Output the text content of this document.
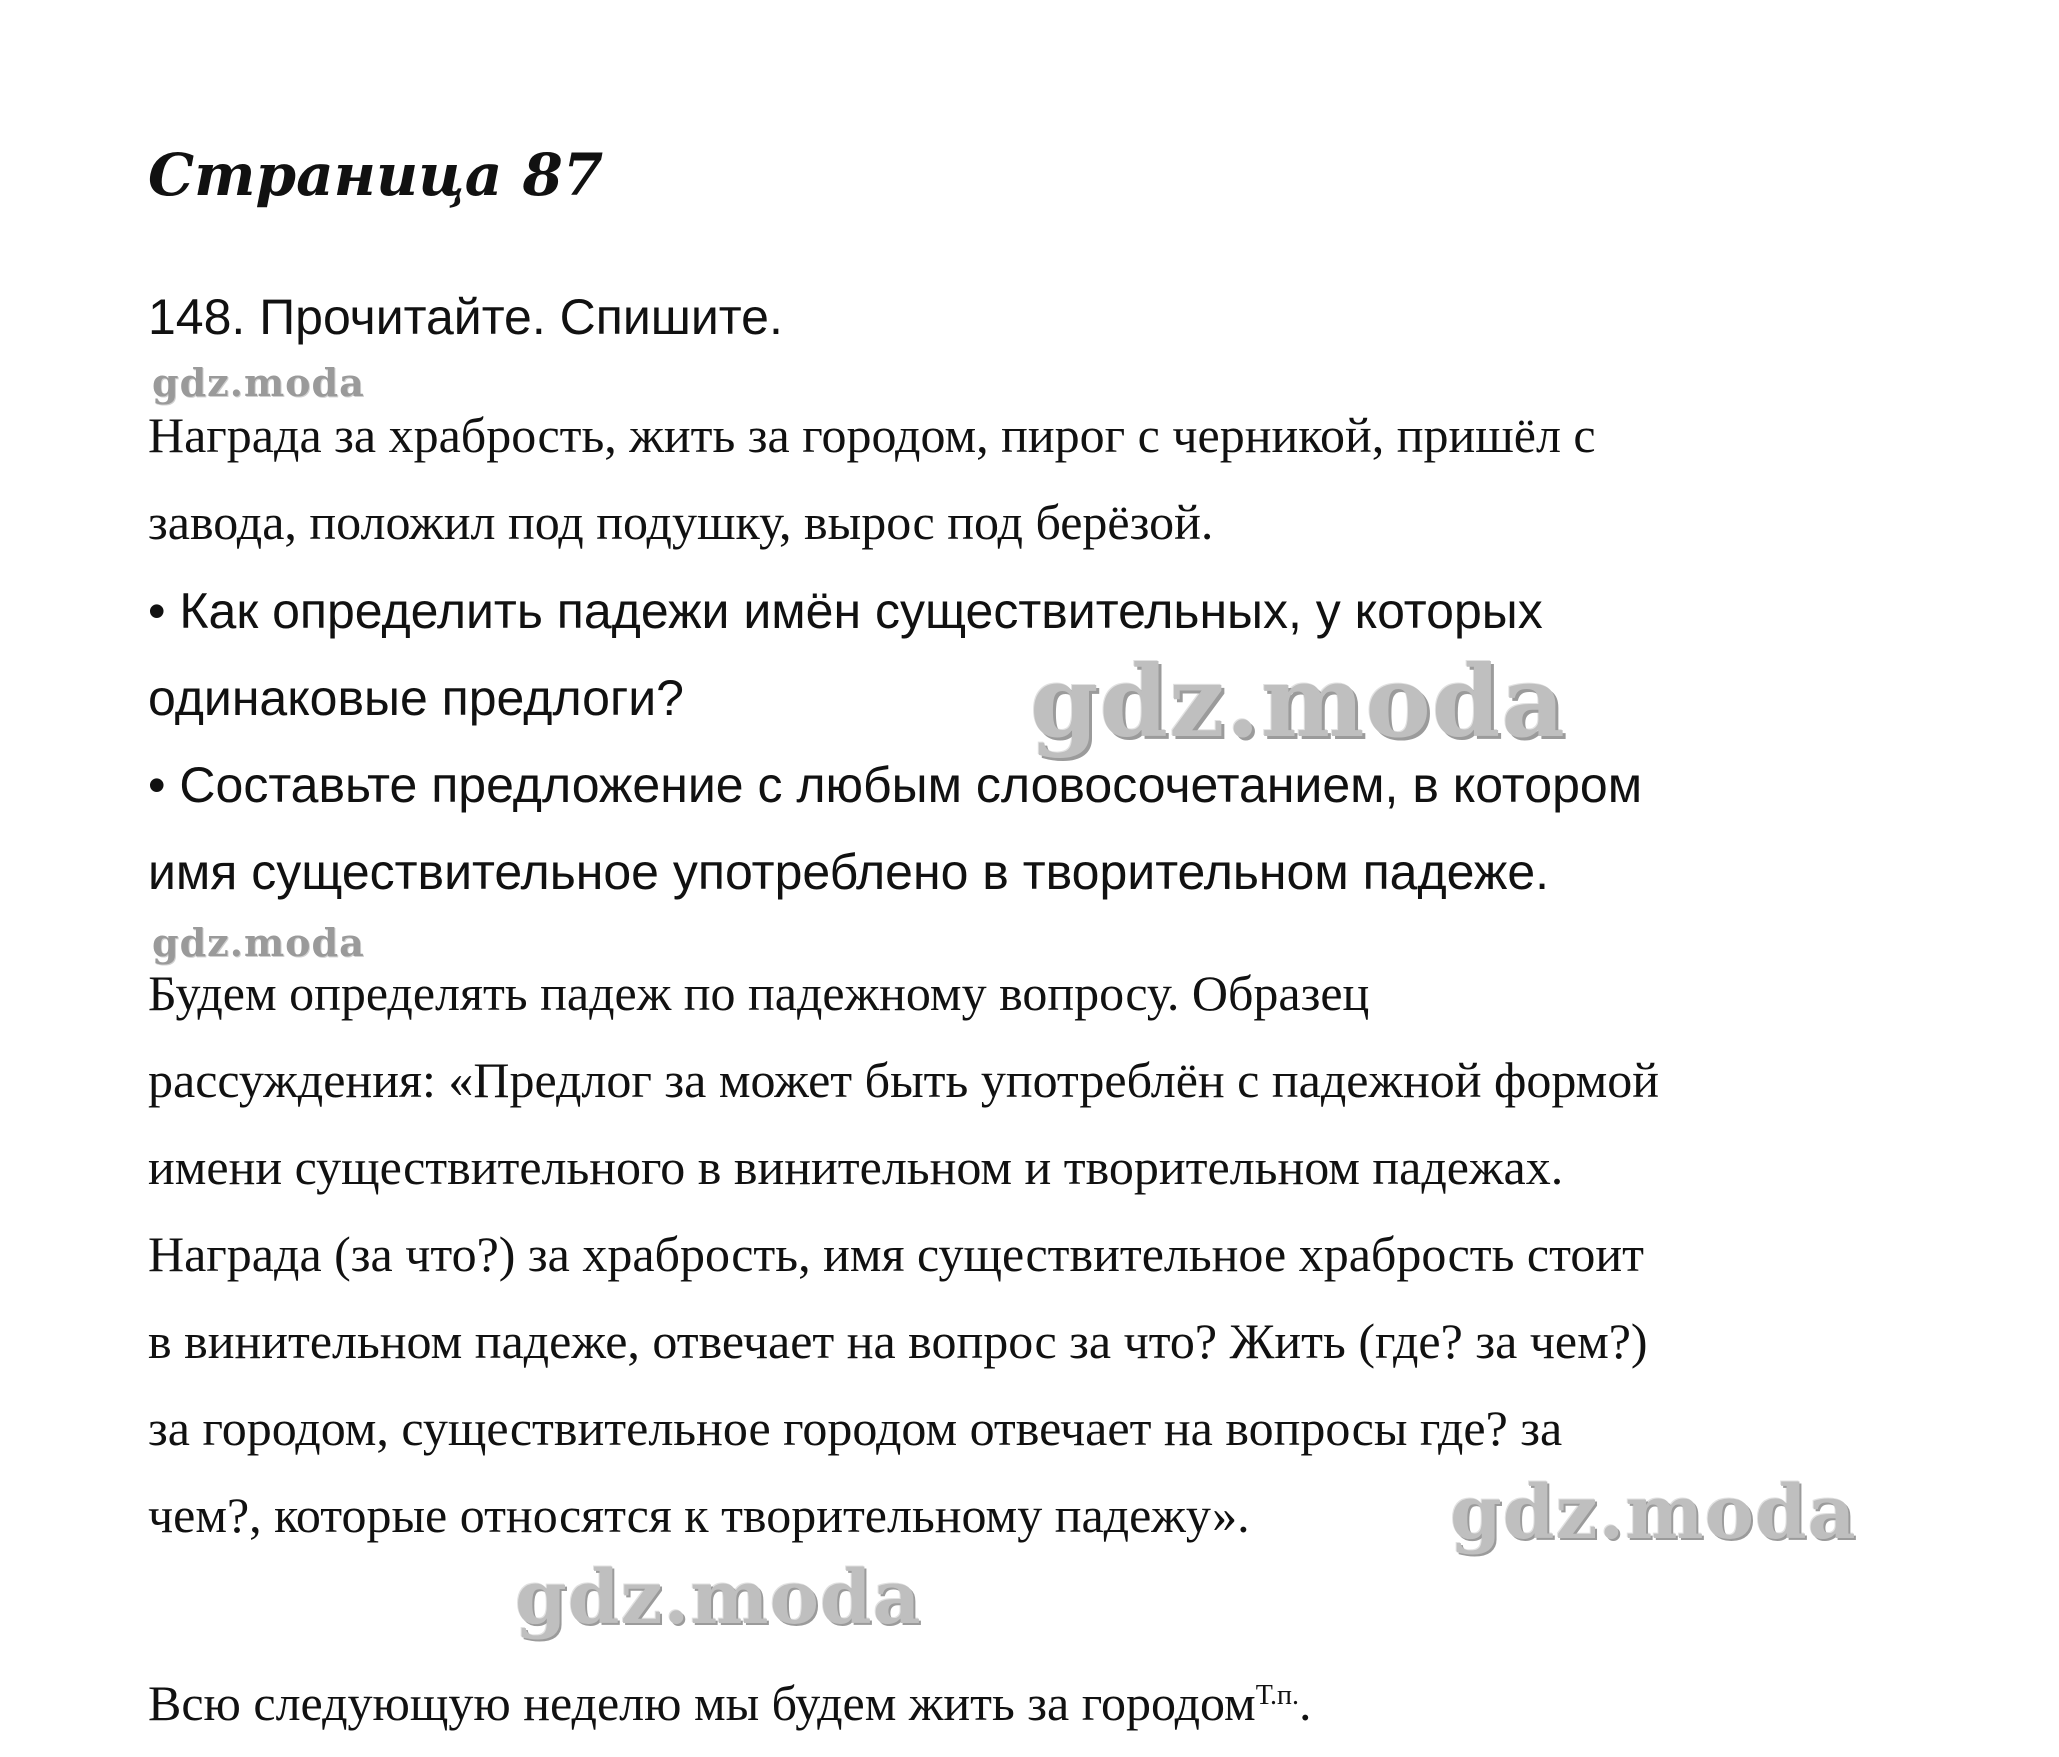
Страница 87
148. Прочитайте. Спишите.
Награда за храбрость, жить за городом, пирог с черникой, пришёл с
завода, положил под подушку, вырос под берёзой.
• Как определить падежи имён существительных, у которых
одинаковые предлоги?
• Составьте предложение с любым словосочетанием, в котором
имя существительное употреблено в творительном падеже.
Будем определять падеж по падежному вопросу. Образец
рассуждения: «Предлог за может быть употреблён с падежной формой
имени существительного в винительном и творительном падежах.
Награда (за что?) за храбрость, имя существительное храбрость стоит
в винительном падеже, отвечает на вопрос за что? Жить (где? за чем?)
за городом, существительное городом отвечает на вопросы где? за
чем?, которые относятся к творительному падежу».
Всю следующую неделю мы будем жить за городом$^{Т.п.}$.
gdz.moda
gdz.moda
gdz.moda
gdz.moda
gdz.moda
